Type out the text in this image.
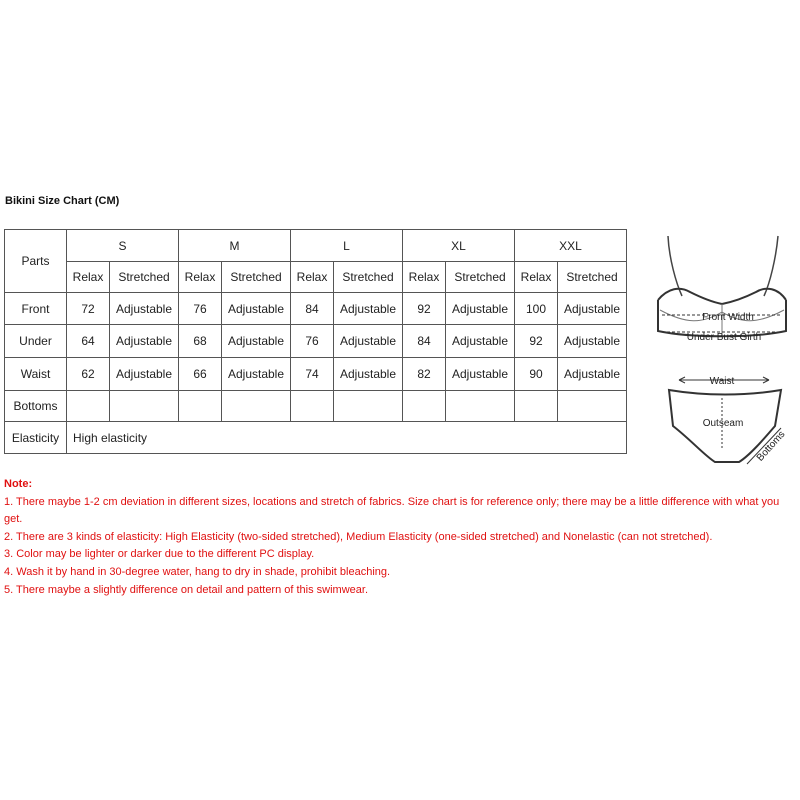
Bikini Size Chart (CM)
Parts	S		M		L		XL		XXL	
	Relax	Stretched	Relax	Stretched	Relax	Stretched	Relax	Stretched	Relax	Stretched
Front	72	Adjustable	76	Adjustable	84	Adjustable	92	Adjustable	100	Adjustable
Under	64	Adjustable	68	Adjustable	76	Adjustable	84	Adjustable	92	Adjustable
Waist	62	Adjustable	66	Adjustable	74	Adjustable	82	Adjustable	90	Adjustable
Bottoms										
Elasticity	High elasticity									
Front Width
Under Bust Girth
Waist
Outseam
Bottoms
Note:
1. There maybe 1-2 cm deviation in different sizes, locations and stretch of fabrics. Size chart is for reference only; there may be a little difference with what you get.
2. There are 3 kinds of elasticity: High Elasticity (two-sided stretched), Medium Elasticity (one-sided stretched) and Nonelastic (can not stretched).
3. Color may be lighter or darker due to the different PC display.
4. Wash it by hand in 30-degree water, hang to dry in shade, prohibit bleaching.
5. There maybe a slightly difference on detail and pattern of this swimwear.
